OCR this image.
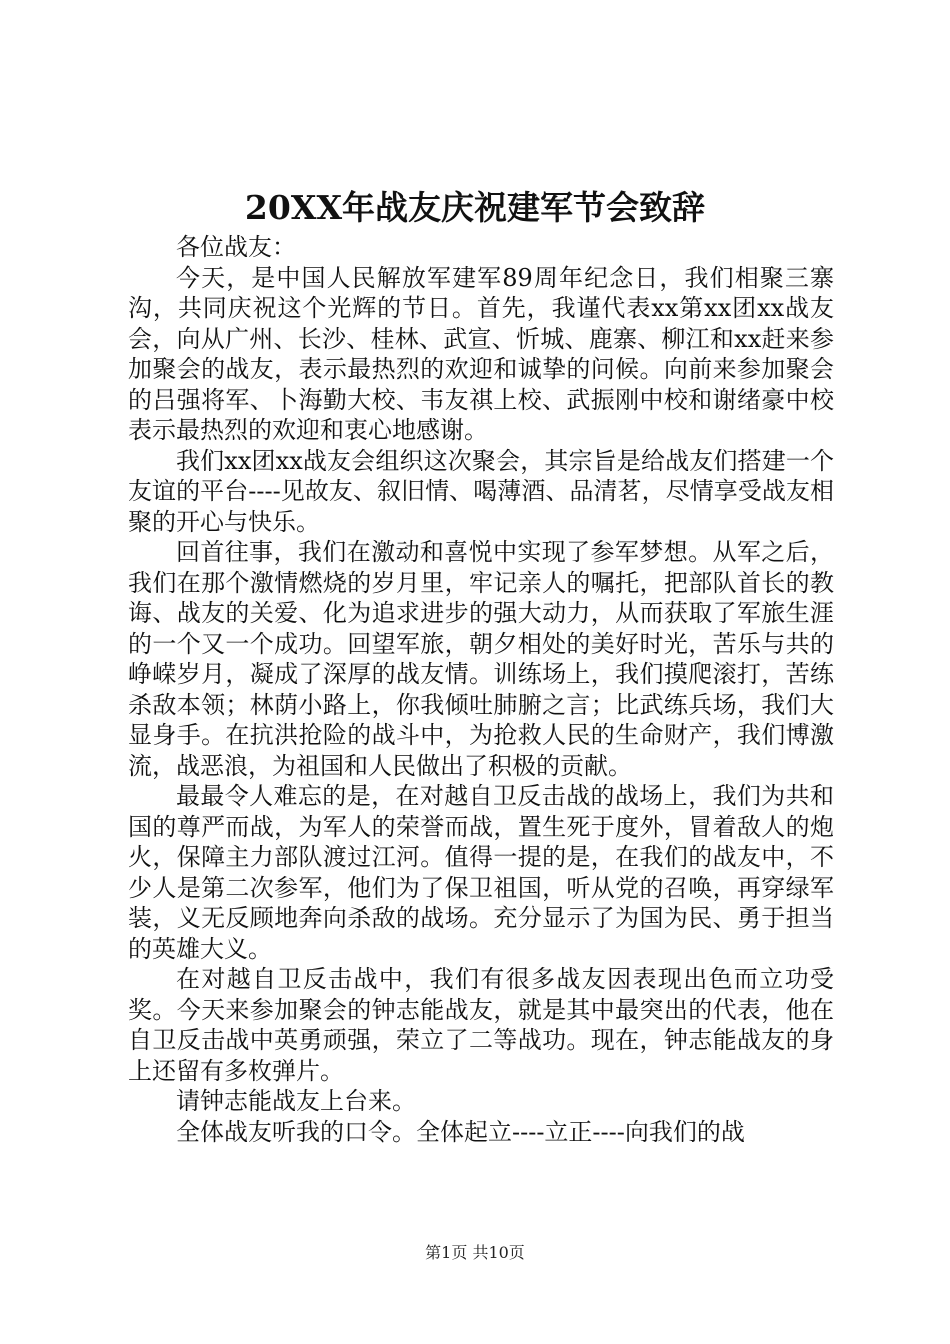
20XX年战友庆祝建军节会致辞

各位战友：

今天，是中国人民解放军建军89周年纪念日，我们相聚三寨沟，共同庆祝这个光辉的节日。首先，我谨代表xx第xx团xx战友会，向从广州、长沙、桂林、武宣、忻城、鹿寨、柳江和xx赶来参加聚会的战友，表示最热烈的欢迎和诚挚的问候。向前来参加聚会的吕强将军、卜海勤大校、韦友祺上校、武振刚中校和谢绪豪中校表示最热烈的欢迎和衷心地感谢。

我们xx团xx战友会组织这次聚会，其宗旨是给战友们搭建一个友谊的平台----见故友、叙旧情、喝薄酒、品清茗，尽情享受战友相聚的开心与快乐。

回首往事，我们在激动和喜悦中实现了参军梦想。从军之后，我们在那个激情燃烧的岁月里，牢记亲人的嘱托，把部队首长的教诲、战友的关爱、化为追求进步的强大动力，从而获取了军旅生涯的一个又一个成功。回望军旅，朝夕相处的美好时光，苦乐与共的峥嵘岁月，凝成了深厚的战友情。训练场上，我们摸爬滚打，苦练杀敌本领；林荫小路上，你我倾吐肺腑之言；比武练兵场，我们大显身手。在抗洪抢险的战斗中，为抢救人民的生命财产，我们博激流，战恶浪，为祖国和人民做出了积极的贡献。

最最令人难忘的是，在对越自卫反击战的战场上，我们为共和国的尊严而战，为军人的荣誉而战，置生死于度外，冒着敌人的炮火，保障主力部队渡过江河。值得一提的是，在我们的战友中，不少人是第二次参军，他们为了保卫祖国，听从党的召唤，再穿绿军装，义无反顾地奔向杀敌的战场。充分显示了为国为民、勇于担当的英雄大义。

在对越自卫反击战中，我们有很多战友因表现出色而立功受奖。今天来参加聚会的钟志能战友，就是其中最突出的代表，他在自卫反击战中英勇顽强，荣立了二等战功。现在，钟志能战友的身上还留有多枚弹片。

请钟志能战友上台来。

全体战友听我的口令。全体起立----立正----向我们的战

第1页 共10页
